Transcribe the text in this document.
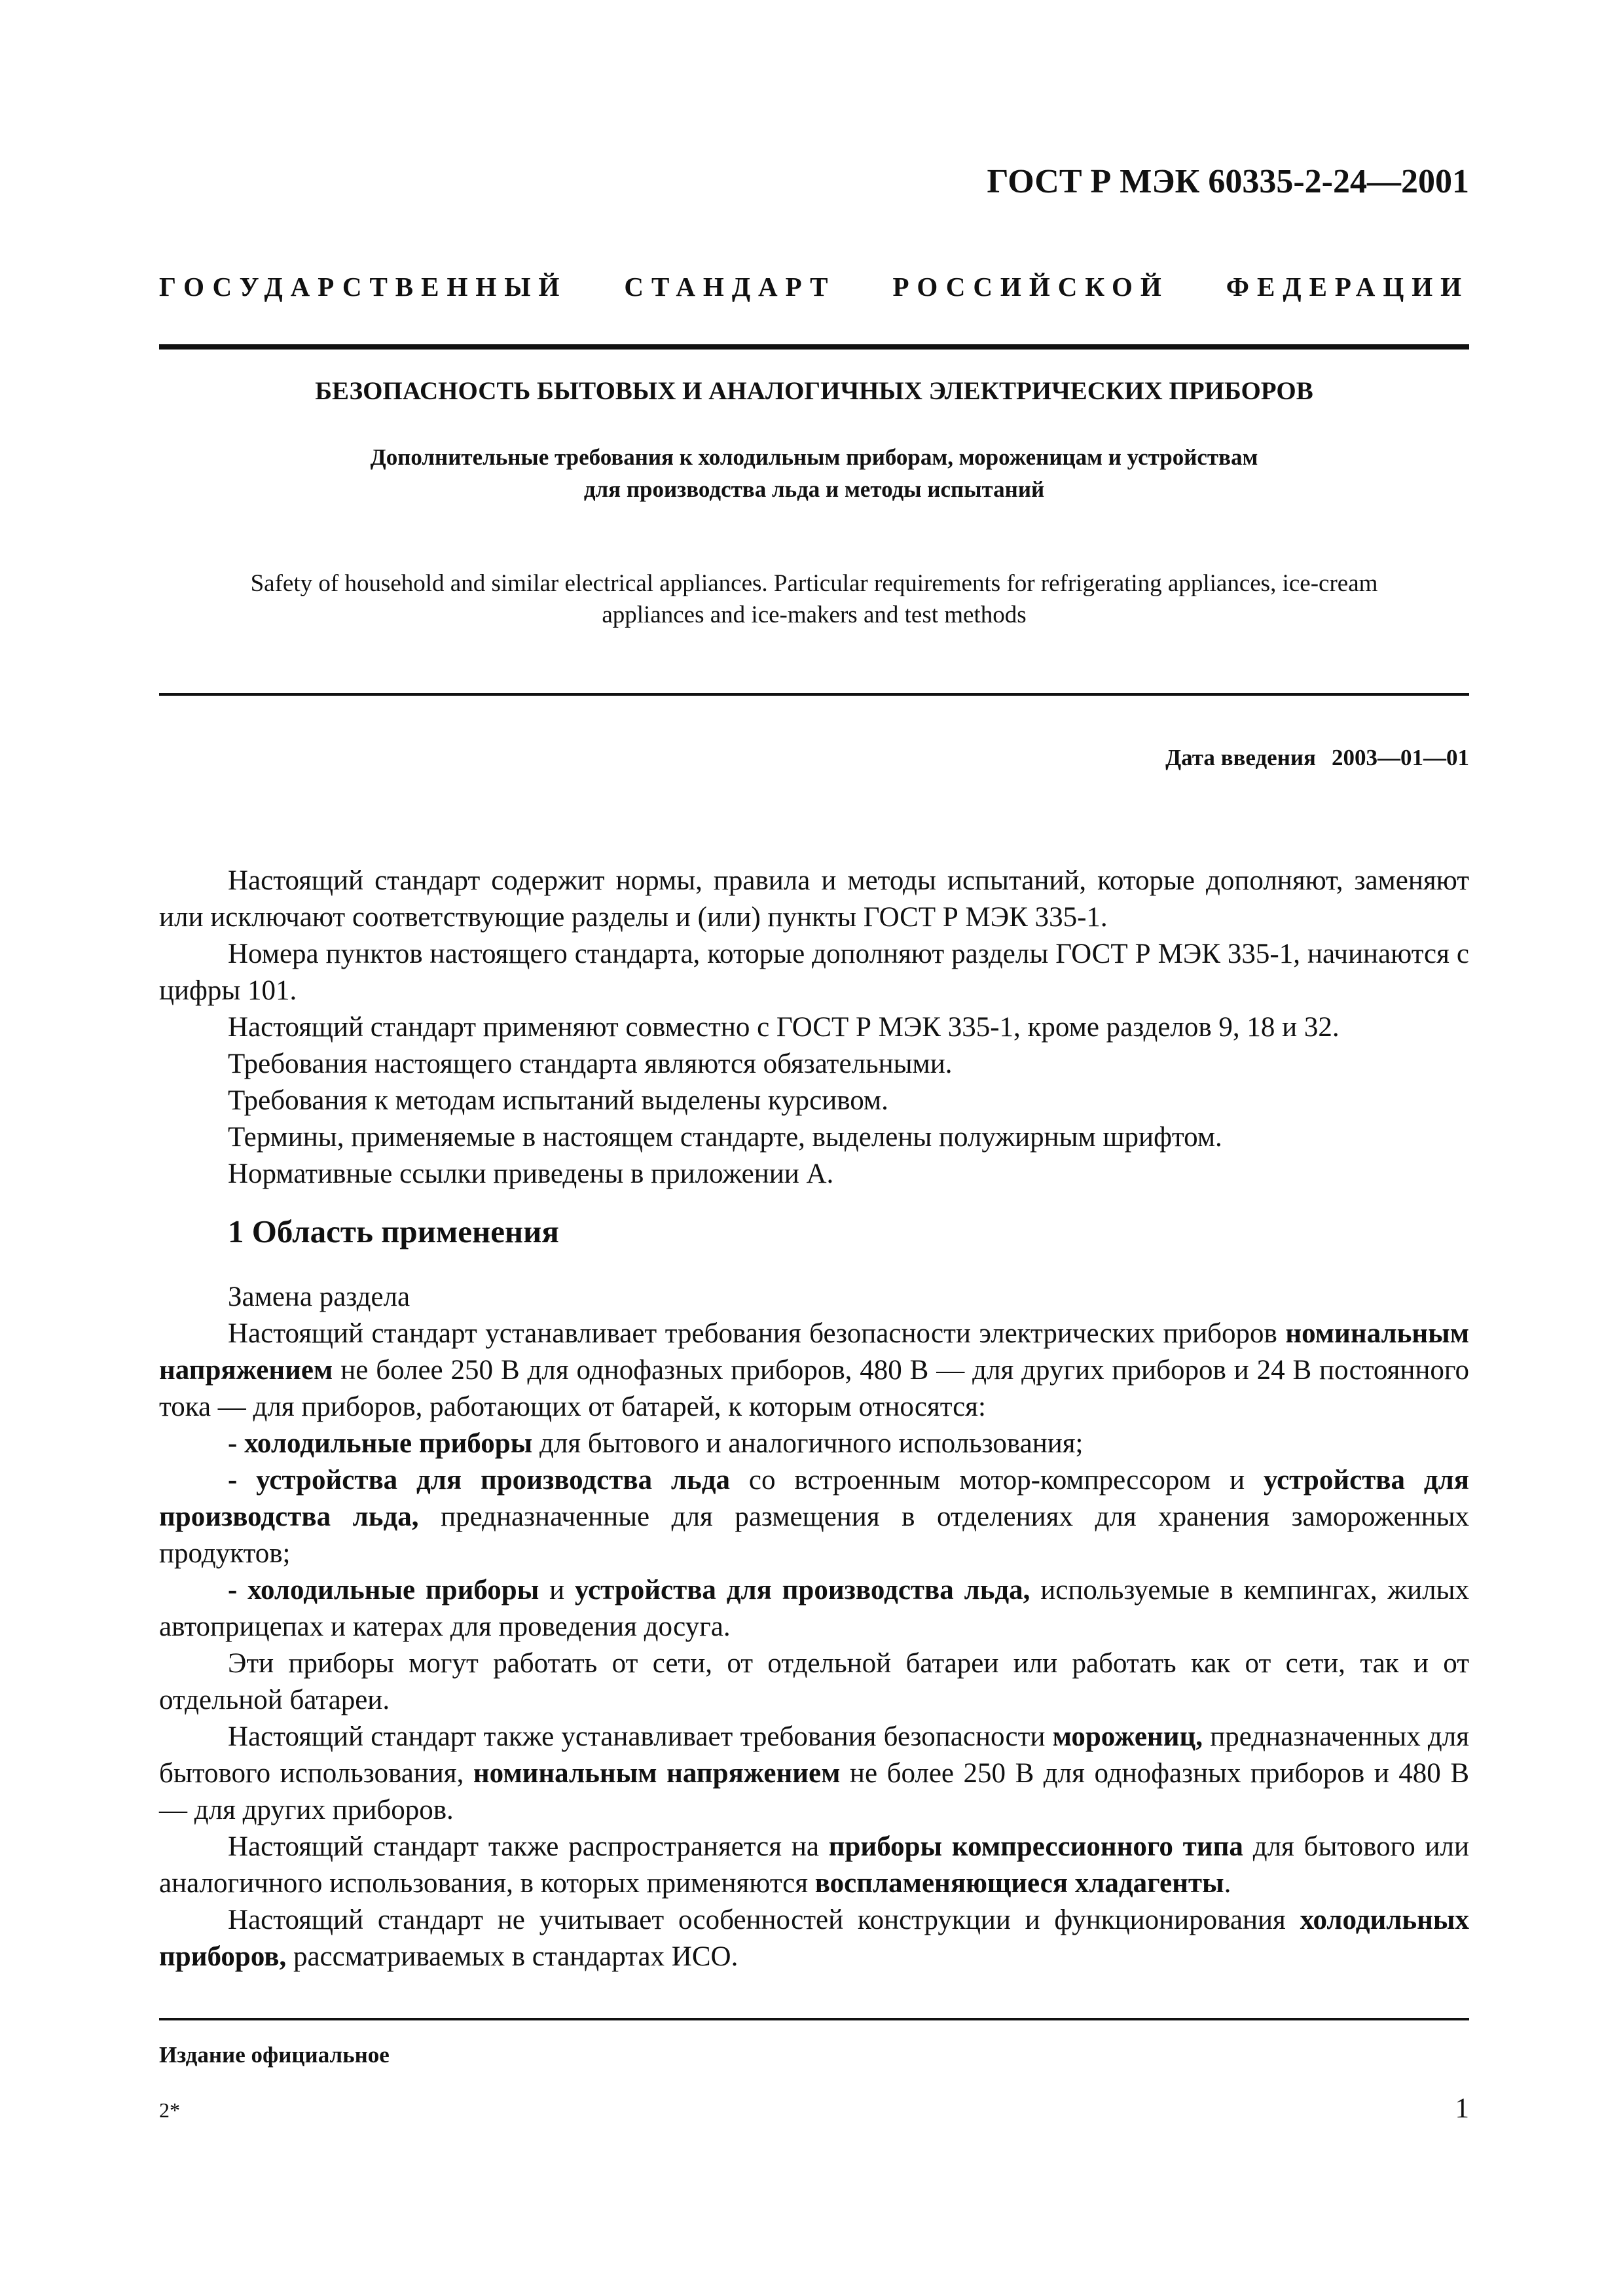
ГОСТ Р МЭК 60335-2-24—2001
ГОСУДАРСТВЕННЫЙ СТАНДАРТ РОССИЙСКОЙ ФЕДЕРАЦИИ
БЕЗОПАСНОСТЬ БЫТОВЫХ И АНАЛОГИЧНЫХ ЭЛЕКТРИЧЕСКИХ ПРИБОРОВ
Дополнительные требования к холодильным приборам, мороженицам и устройствам
для производства льда и методы испытаний
Safety of household and similar electrical appliances. Particular requirements for refrigerating appliances, ice-cream
appliances and ice-makers and test methods
Дата введения 2003—01—01

Настоящий стандарт содержит нормы, правила и методы испытаний, которые дополняют, заменяют или исключают соответствующие разделы и (или) пункты ГОСТ Р МЭК 335-1.

Номера пунктов настоящего стандарта, которые дополняют разделы ГОСТ Р МЭК 335-1, начинаются с цифры 101.

Настоящий стандарт применяют совместно с ГОСТ Р МЭК 335-1, кроме разделов 9, 18 и 32.

Требования настоящего стандарта являются обязательными.

Требования к методам испытаний выделены курсивом.

Термины, применяемые в настоящем стандарте, выделены полужирным шрифтом.

Нормативные ссылки приведены в приложении А.

1 Область применения

Замена раздела

Настоящий стандарт устанавливает требования безопасности электрических приборов номинальным напряжением не более 250 В для однофазных приборов, 480 В — для других приборов и 24 В постоянного тока — для приборов, работающих от батарей, к которым относятся:

- холодильные приборы для бытового и аналогичного использования;

- устройства для производства льда со встроенным мотор-компрессором и устройства для производства льда, предназначенные для размещения в отделениях для хранения замороженных продуктов;

- холодильные приборы и устройства для производства льда, используемые в кемпингах, жилых автоприцепах и катерах для проведения досуга.

Эти приборы могут работать от сети, от отдельной батареи или работать как от сети, так и от отдельной батареи.

Настоящий стандарт также устанавливает требования безопасности морожениц, предназначенных для бытового использования, номинальным напряжением не более 250 В для однофазных приборов и 480 В — для других приборов.

Настоящий стандарт также распространяется на приборы компрессионного типа для бытового или аналогичного использования, в которых применяются воспламеняющиеся хладагенты.

Настоящий стандарт не учитывает особенностей конструкции и функционирования холодильных приборов, рассматриваемых в стандартах ИСО.

Издание официальное
2*	1
